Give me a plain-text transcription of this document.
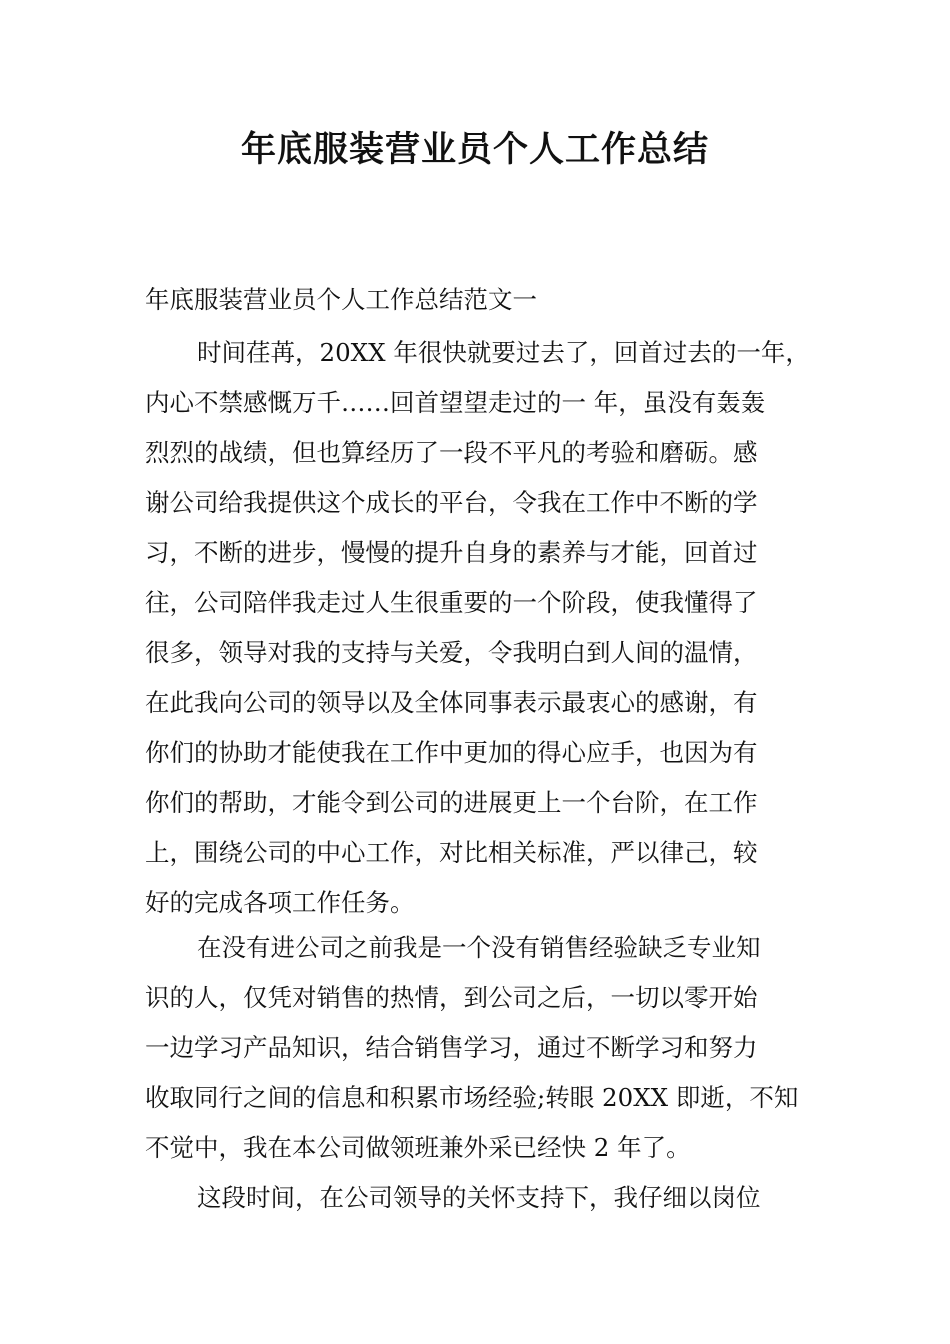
年底服装营业员个人工作总结

年底服装营业员个人工作总结范文一

时间荏苒，20XX 年很快就要过去了，回首过去的一年，
内心不禁感慨万千……回首望望走过的一 年，虽没有轰轰
烈烈的战绩，但也算经历了一段不平凡的考验和磨砺。感
谢公司给我提供这个成长的平台，令我在工作中不断的学
习，不断的进步，慢慢的提升自身的素养与才能，回首过
往，公司陪伴我走过人生很重要的一个阶段，使我懂得了
很多，领导对我的支持与关爱，令我明白到人间的温情，
在此我向公司的领导以及全体同事表示最衷心的感谢，有
你们的协助才能使我在工作中更加的得心应手，也因为有
你们的帮助，才能令到公司的进展更上一个台阶，在工作
上，围绕公司的中心工作，对比相关标准，严以律己，较
好的完成各项工作任务。
在没有进公司之前我是一个没有销售经验缺乏专业知
识的人，仅凭对销售的热情，到公司之后，一切以零开始
一边学习产品知识，结合销售学习，通过不断学习和努力
收取同行之间的信息和积累市场经验;转眼 20XX 即逝，不知
不觉中，我在本公司做领班兼外采已经快 2 年了。
这段时间，在公司领导的关怀支持下，我仔细以岗位
